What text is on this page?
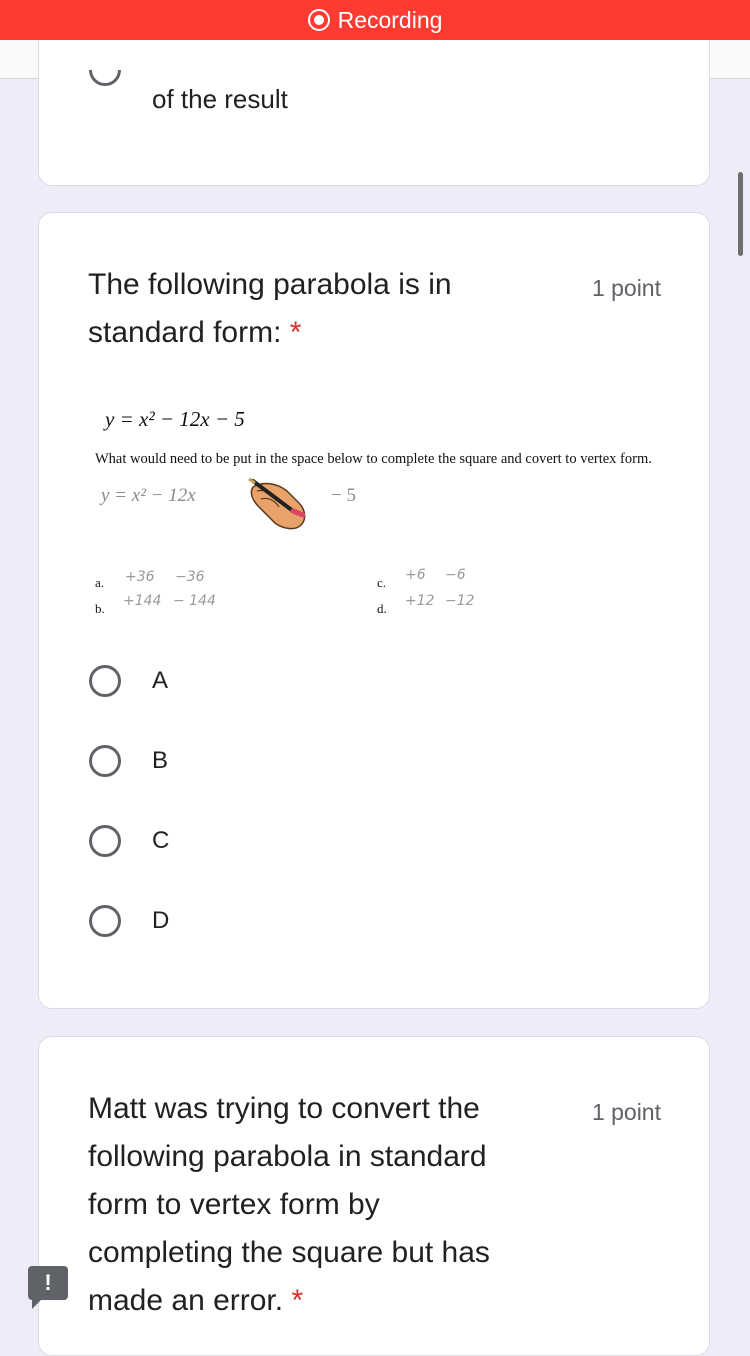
Recording
of the result
The following parabola is in standard form: *
1 point
y = x² − 12x − 5
What would need to be put in the space below to complete the square and covert to vertex form.
y = x² − 12x	− 5
a. +36 −36
b. +144 − 144
c. +6 −6
d. +12 −12
A
B
C
D
Matt was trying to convert the following parabola in standard form to vertex form by completing the square but has made an error. *
1 point
!
